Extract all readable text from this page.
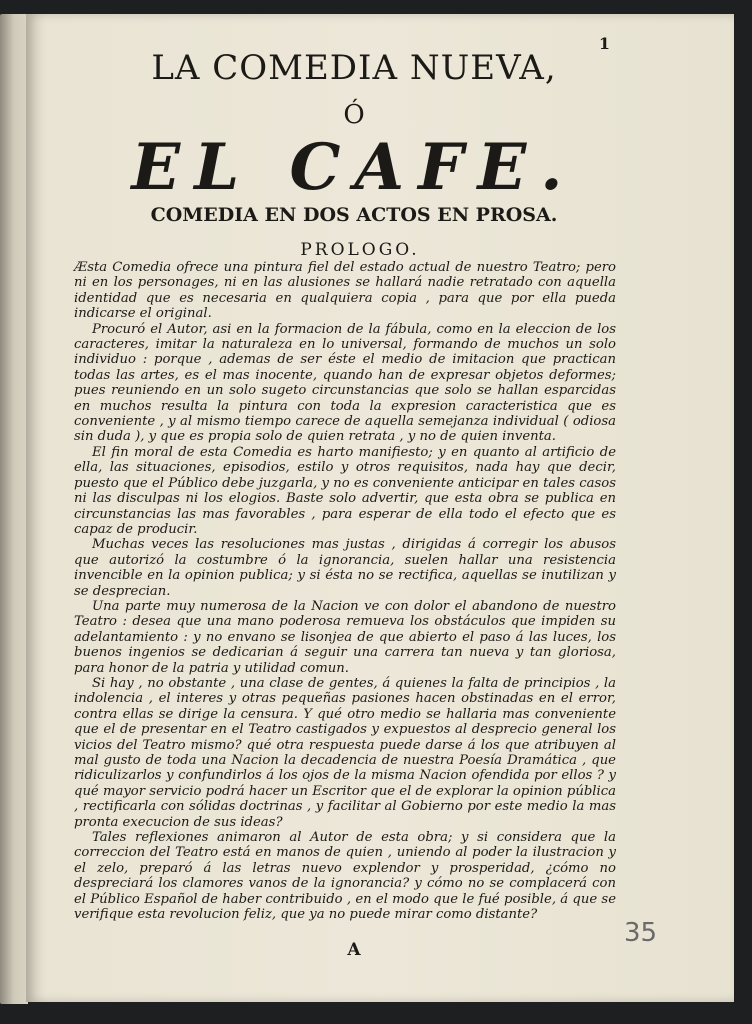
1
LA COMEDIA NUEVA,
Ó
EL CAFE.
COMEDIA EN DOS ACTOS EN PROSA.
PROLOGO.

Æsta Comedia ofrece una pintura fiel del estado actual de nuestro Teatro; pero ni en los personages, ni en las alusiones se hallará nadie retratado con aquella identidad que es necesaria en qualquiera copia , para que por ella pueda indicarse el original.

Procuró el Autor, asi en la formacion de la fábula, como en la eleccion de los caracteres, imitar la naturaleza en lo universal, formando de muchos un solo individuo : porque , ademas de ser éste el medio de imitacion que practican todas las artes, es el mas inocente, quando han de expresar objetos deformes; pues reuniendo en un solo sugeto circunstancias que solo se hallan esparcidas en muchos resulta la pintura con toda la expresion caracteristica que es conveniente , y al mismo tiempo carece de aquella semejanza individual ( odiosa sin duda ), y que es propia solo de quien retrata , y no de quien inventa.

El fin moral de esta Comedia es harto manifiesto; y en quanto al artificio de ella, las situaciones, episodios, estilo y otros requisitos, nada hay que decir, puesto que el Público debe juzgarla, y no es conveniente anticipar en tales casos ni las disculpas ni los elogios. Baste solo advertir, que esta obra se publica en circunstancias las mas favorables , para esperar de ella todo el efecto que es capaz de producir.

Muchas veces las resoluciones mas justas , dirigidas á corregir los abusos que autorizó la costumbre ó la ignorancia, suelen hallar una resistencia invencible en la opinion publica; y si ésta no se rectifica, aquellas se inutilizan y se desprecian.

Una parte muy numerosa de la Nacion ve con dolor el abandono de nuestro Teatro : desea que una mano poderosa remueva los obstáculos que impiden su adelantamiento : y no envano se lisonjea de que abierto el paso á las luces, los buenos ingenios se dedicarian á seguir una carrera tan nueva y tan gloriosa, para honor de la patria y utilidad comun.

Si hay , no obstante , una clase de gentes, á quienes la falta de principios , la indolencia , el interes y otras pequeñas pasiones hacen obstinadas en el error, contra ellas se dirige la censura. Y qué otro medio se hallaria mas conveniente que el de presentar en el Teatro castigados y expuestos al desprecio general los vicios del Teatro mismo? qué otra respuesta puede darse á los que atribuyen al mal gusto de toda una Nacion la decadencia de nuestra Poesía Dramática , que ridiculizarlos y confundirlos á los ojos de la misma Nacion ofendida por ellos ? y qué mayor servicio podrá hacer un Escritor que el de explorar la opinion pública , rectificarla con sólidas doctrinas , y facilitar al Gobierno por este medio la mas pronta execucion de sus ideas?

Tales reflexiones animaron al Autor de esta obra; y si considera que la correccion del Teatro está en manos de quien , uniendo al poder la ilustracion y el zelo, preparó á las letras nuevo explendor y prosperidad, ¿cómo no despreciará los clamores vanos de la ignorancia? y cómo no se complacerá con el Público Español de haber contribuido , en el modo que le fué posible, á que se verifique esta revolucion feliz, que ya no puede mirar como distante?

A
35
